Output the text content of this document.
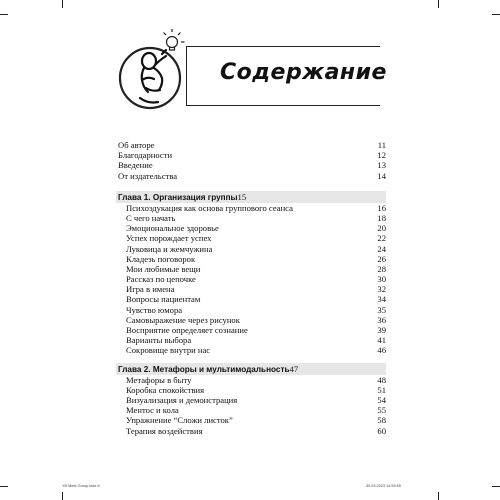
Содержание
Об авторе	11
Благодарности	12
Введение	13
От издательства	14
Глава 1. Организация группы15
Психоэдукация как основа группового сеанса	16
С чего начать	18
Эмоциональное здоровье	20
Успех порождает успех	22
Луковица и жемчужина	24
Кладезь поговорок	26
Мои любимые вещи	28
Рассказ по цепочке	30
Игра в имена	32
Вопросы пациентам	34
Чувство юмора	35
Самовыражение через рисунок	36
Восприятие определяет сознание	39
Варианты выбора	41
Сокровище внутри нас	46
Глава 2. Метафоры и мультимодальность47
Метафоры в быту	48
Коробка спокойствия	51
Визуализация и демонстрация	54
Ментос и кола	55
Упражнение “Сложи листок”	58
Терапия воздействия	60
YB Meet Group.indd 6	30.03.2023 14:59:55
